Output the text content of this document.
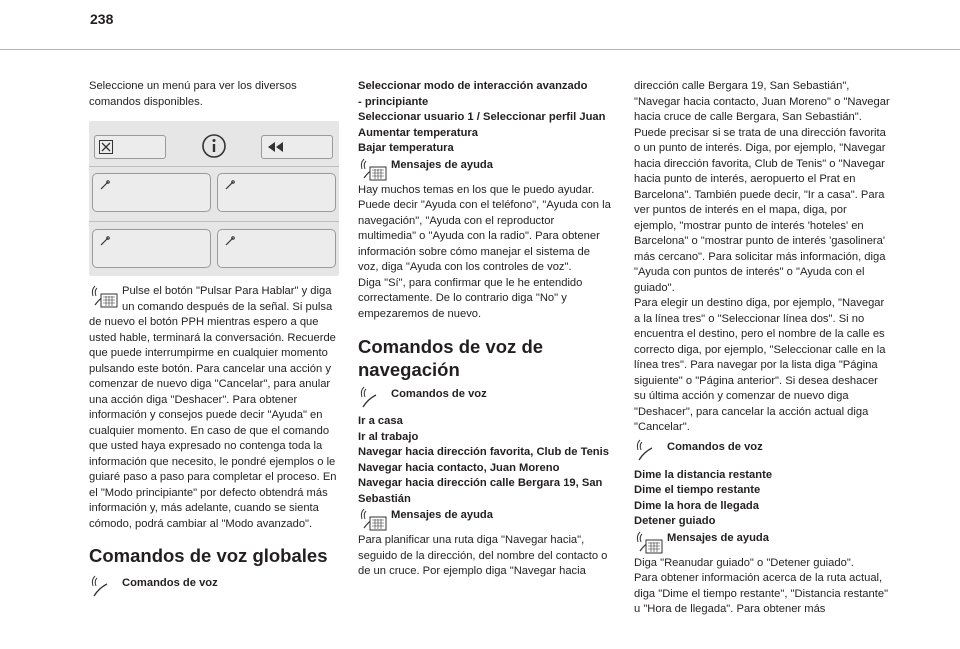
238

Seleccione un menú para ver los diversos comandos disponibles.

Pulse el botón "Pulsar Para Hablar" y diga un comando después de la señal. Si pulsa de nuevo el botón PPH mientras espero a que usted hable, terminará la conversación. Recuerde que puede interrumpirme en cualquier momento pulsando este botón. Para cancelar una acción y comenzar de nuevo diga "Cancelar", para anular una acción diga "Deshacer". Para obtener información y consejos puede decir "Ayuda" en cualquier momento. En caso de que el comando que usted haya expresado no contenga toda la información que necesito, le pondré ejemplos o le guiaré paso a paso para completar el proceso. En el "Modo principiante" por defecto obtendrá más información y, más adelante, cuando se sienta cómodo, podrá cambiar al "Modo avanzado".

Comandos de voz globales
Comandos de voz

Seleccionar modo de interacción avanzado

- principiante

Seleccionar usuario 1 / Seleccionar perfil Juan

Aumentar temperatura

Bajar temperatura

Mensajes de ayuda

Hay muchos temas en los que le puedo ayudar. Puede decir "Ayuda con el teléfono", "Ayuda con la navegación", "Ayuda con el reproductor multimedia" o "Ayuda con la radio". Para obtener información sobre cómo manejar el sistema de voz, diga "Ayuda con los controles de voz".

Diga "Sí", para confirmar que le he entendido correctamente. De lo contrario diga "No" y empezaremos de nuevo.

Comandos de voz de navegación
Comandos de voz

Ir a casa

Ir al trabajo

Navegar hacia dirección favorita, Club de Tenis

Navegar hacia contacto, Juan Moreno

Navegar hacia dirección calle Bergara 19, San Sebastián

Mensajes de ayuda

Para planificar una ruta diga "Navegar hacia", seguido de la dirección, del nombre del contacto o de un cruce. Por ejemplo diga "Navegar hacia

dirección calle Bergara 19, San Sebastián", "Navegar hacia contacto, Juan Moreno" o "Navegar hacia cruce de calle Bergara, San Sebastián". Puede precisar si se trata de una dirección favorita o un punto de interés. Diga, por ejemplo, "Navegar hacia dirección favorita, Club de Tenis" o "Navegar hacia punto de interés, aeropuerto el Prat en Barcelona". También puede decir, "Ir a casa". Para ver puntos de interés en el mapa, diga, por ejemplo, "mostrar punto de interés 'hoteles' en Barcelona" o "mostrar punto de interés 'gasolinera' más cercano". Para solicitar más información, diga "Ayuda con puntos de interés" o "Ayuda con el guiado".

Para elegir un destino diga, por ejemplo, "Navegar a la línea tres" o "Seleccionar línea dos". Si no encuentra el destino, pero el nombre de la calle es correcto diga, por ejemplo, "Seleccionar calle en la línea tres". Para navegar por la lista diga "Página siguiente" o "Página anterior". Si desea deshacer su última acción y comenzar de nuevo diga "Deshacer", para cancelar la acción actual diga "Cancelar".

Comandos de voz

Dime la distancia restante

Dime el tiempo restante

Dime la hora de llegada

Detener guiado

Mensajes de ayuda

Diga "Reanudar guiado" o "Detener guiado".

Para obtener información acerca de la ruta actual, diga "Dime el tiempo restante", "Distancia restante" u "Hora de llegada". Para obtener más
